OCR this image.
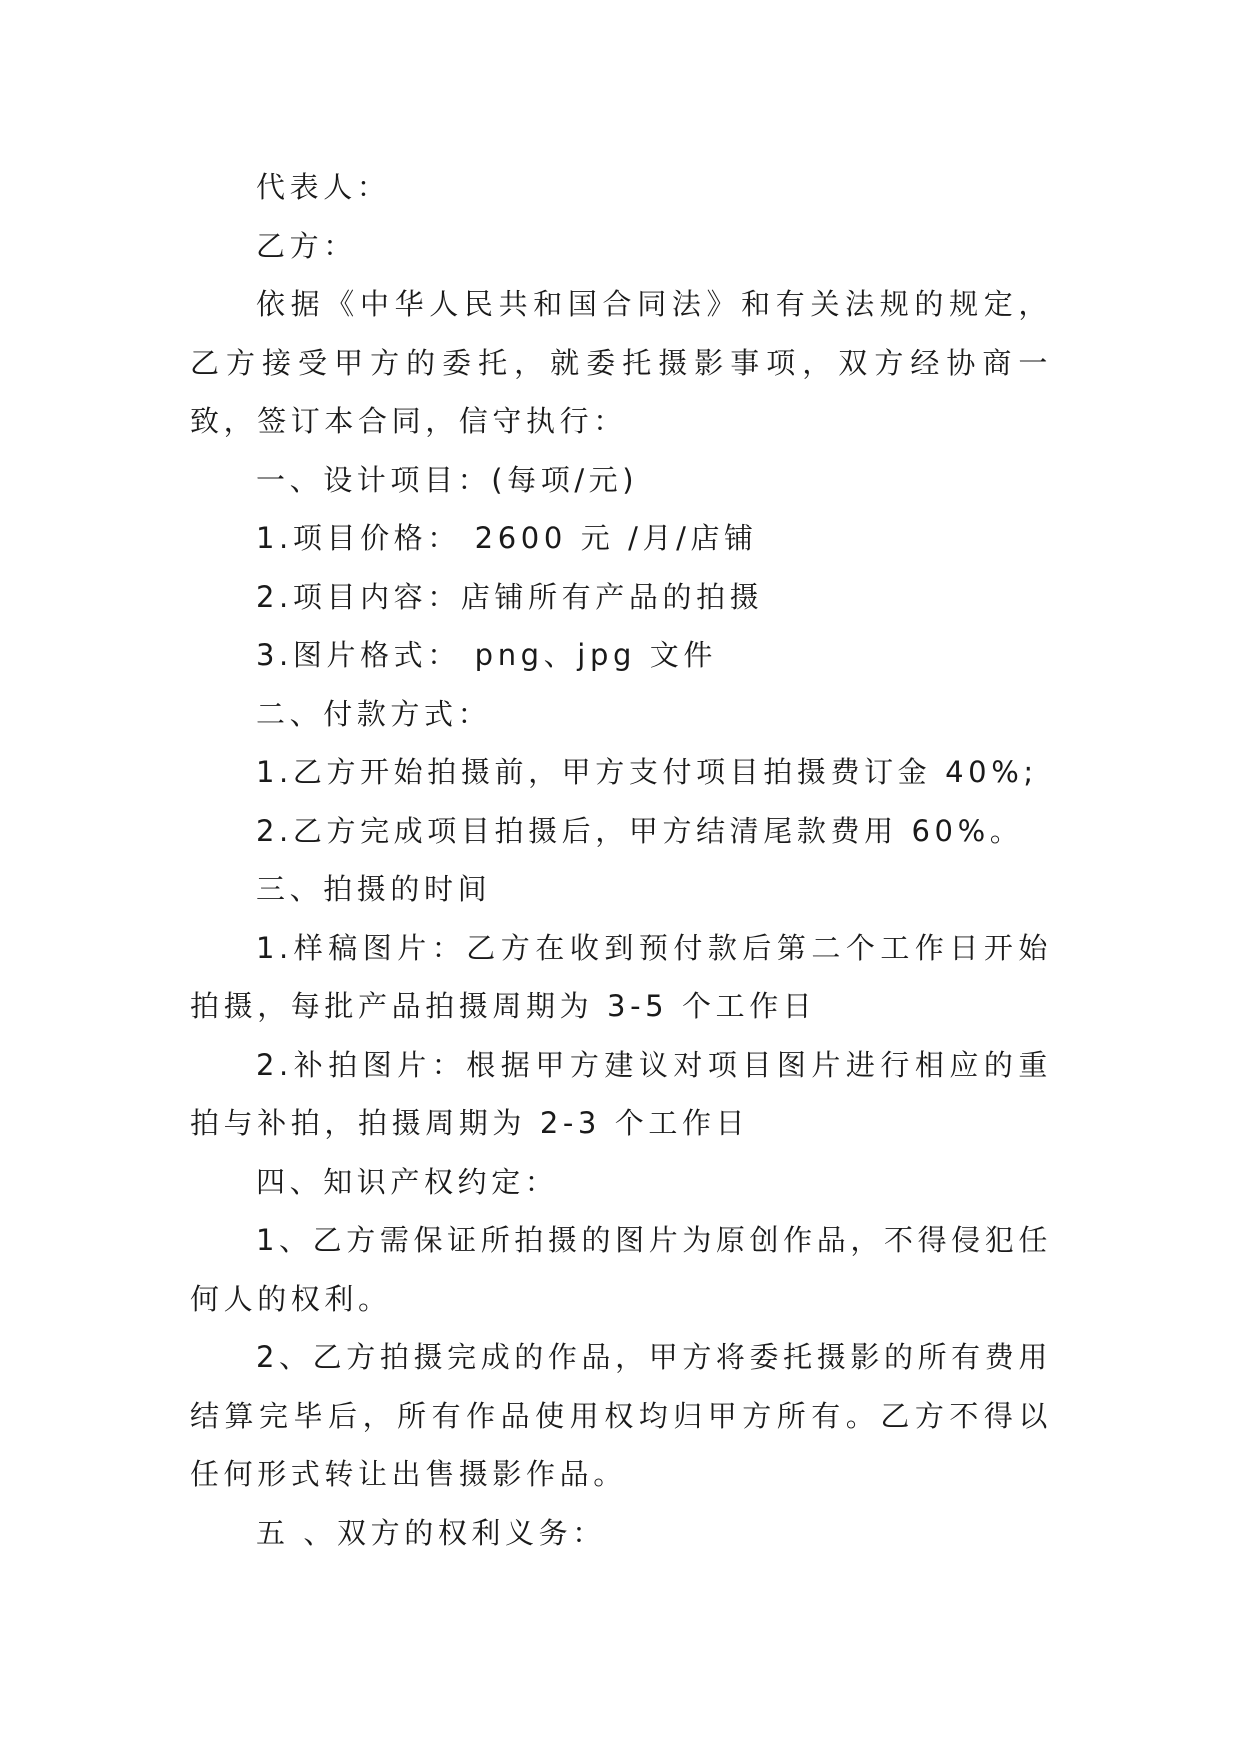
代表人：

乙方：

依据《中华人民共和国合同法》和有关法规的规定，乙方接受甲方的委托，就委托摄影事项，双方经协商一致，签订本合同，信守执行：

一、设计项目：(每项/元)

1.项目价格： 2600 元 /月/店铺

2.项目内容：店铺所有产品的拍摄

3.图片格式： png、jpg 文件

二、付款方式：

1.乙方开始拍摄前，甲方支付项目拍摄费订金 40%;

2.乙方完成项目拍摄后，甲方结清尾款费用 60%。

三、拍摄的时间

1.样稿图片：乙方在收到预付款后第二个工作日开始拍摄，每批产品拍摄周期为 3-5 个工作日

2.补拍图片：根据甲方建议对项目图片进行相应的重拍与补拍，拍摄周期为 2-3 个工作日

四、知识产权约定：

1、乙方需保证所拍摄的图片为原创作品，不得侵犯任何人的权利。

2、乙方拍摄完成的作品，甲方将委托摄影的所有费用结算完毕后，所有作品使用权均归甲方所有。乙方不得以任何形式转让出售摄影作品。

五 、双方的权利义务：
